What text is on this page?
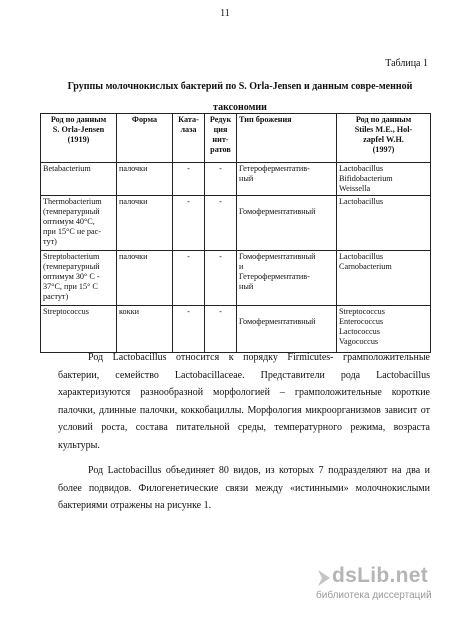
11
Таблица 1
Группы молочнокислых бактерий по S. Orla-Jensen и данным совре-менной таксономии
Род по данным
S. Orla-Jensen
(1919)	Форма	Ката-
лаза	Редук
ция
нит-
ратов	Тип брожения	Род по данным
Stiles M.E., Hol-
zapfel W.H.
(1997)

Betabacterium	палочки	-	-	Гетероферментатив-
ный	Lactobacillus
Bifidobacterium
Weissella

Thermobacterium
(температурный
оптимум 40°С,
при 15°С не рас-
тут)	палочки	-	-	Гомоферментативный	Lactobacillus

Streptobacterium
(температурный
оптимум 30° С -
37°С, при 15° С
растут)	палочки	-	-	Гомоферментативный
и
Гетероферментатив-
ный	Lactobacillus
Carnobacterium

Streptococcus	кокки	-	-	Гомоферментативный	Streptococcus
Enterococcus
Lactococcus
Vagococcus

Род Lactobacillus относится к порядку Firmicutes- грамположительные бактерии, семейство Lactobacillaceae. Представители рода Lactobacillus характеризуются разнообразной морфологией – грамположительные короткие палочки, длинные палочки, коккобациллы. Морфология микроорганизмов зависит от условий роста, состава питательной среды, температурного режима, возраста культуры.

Род Lactobacillus объединяет 80 видов, из которых 7 подразделяют на два и более подвидов. Филогенетические связи между «истинными» молочнокислыми бактериями отражены на рисунке 1.

dsLib.net
библиотека диссертаций
